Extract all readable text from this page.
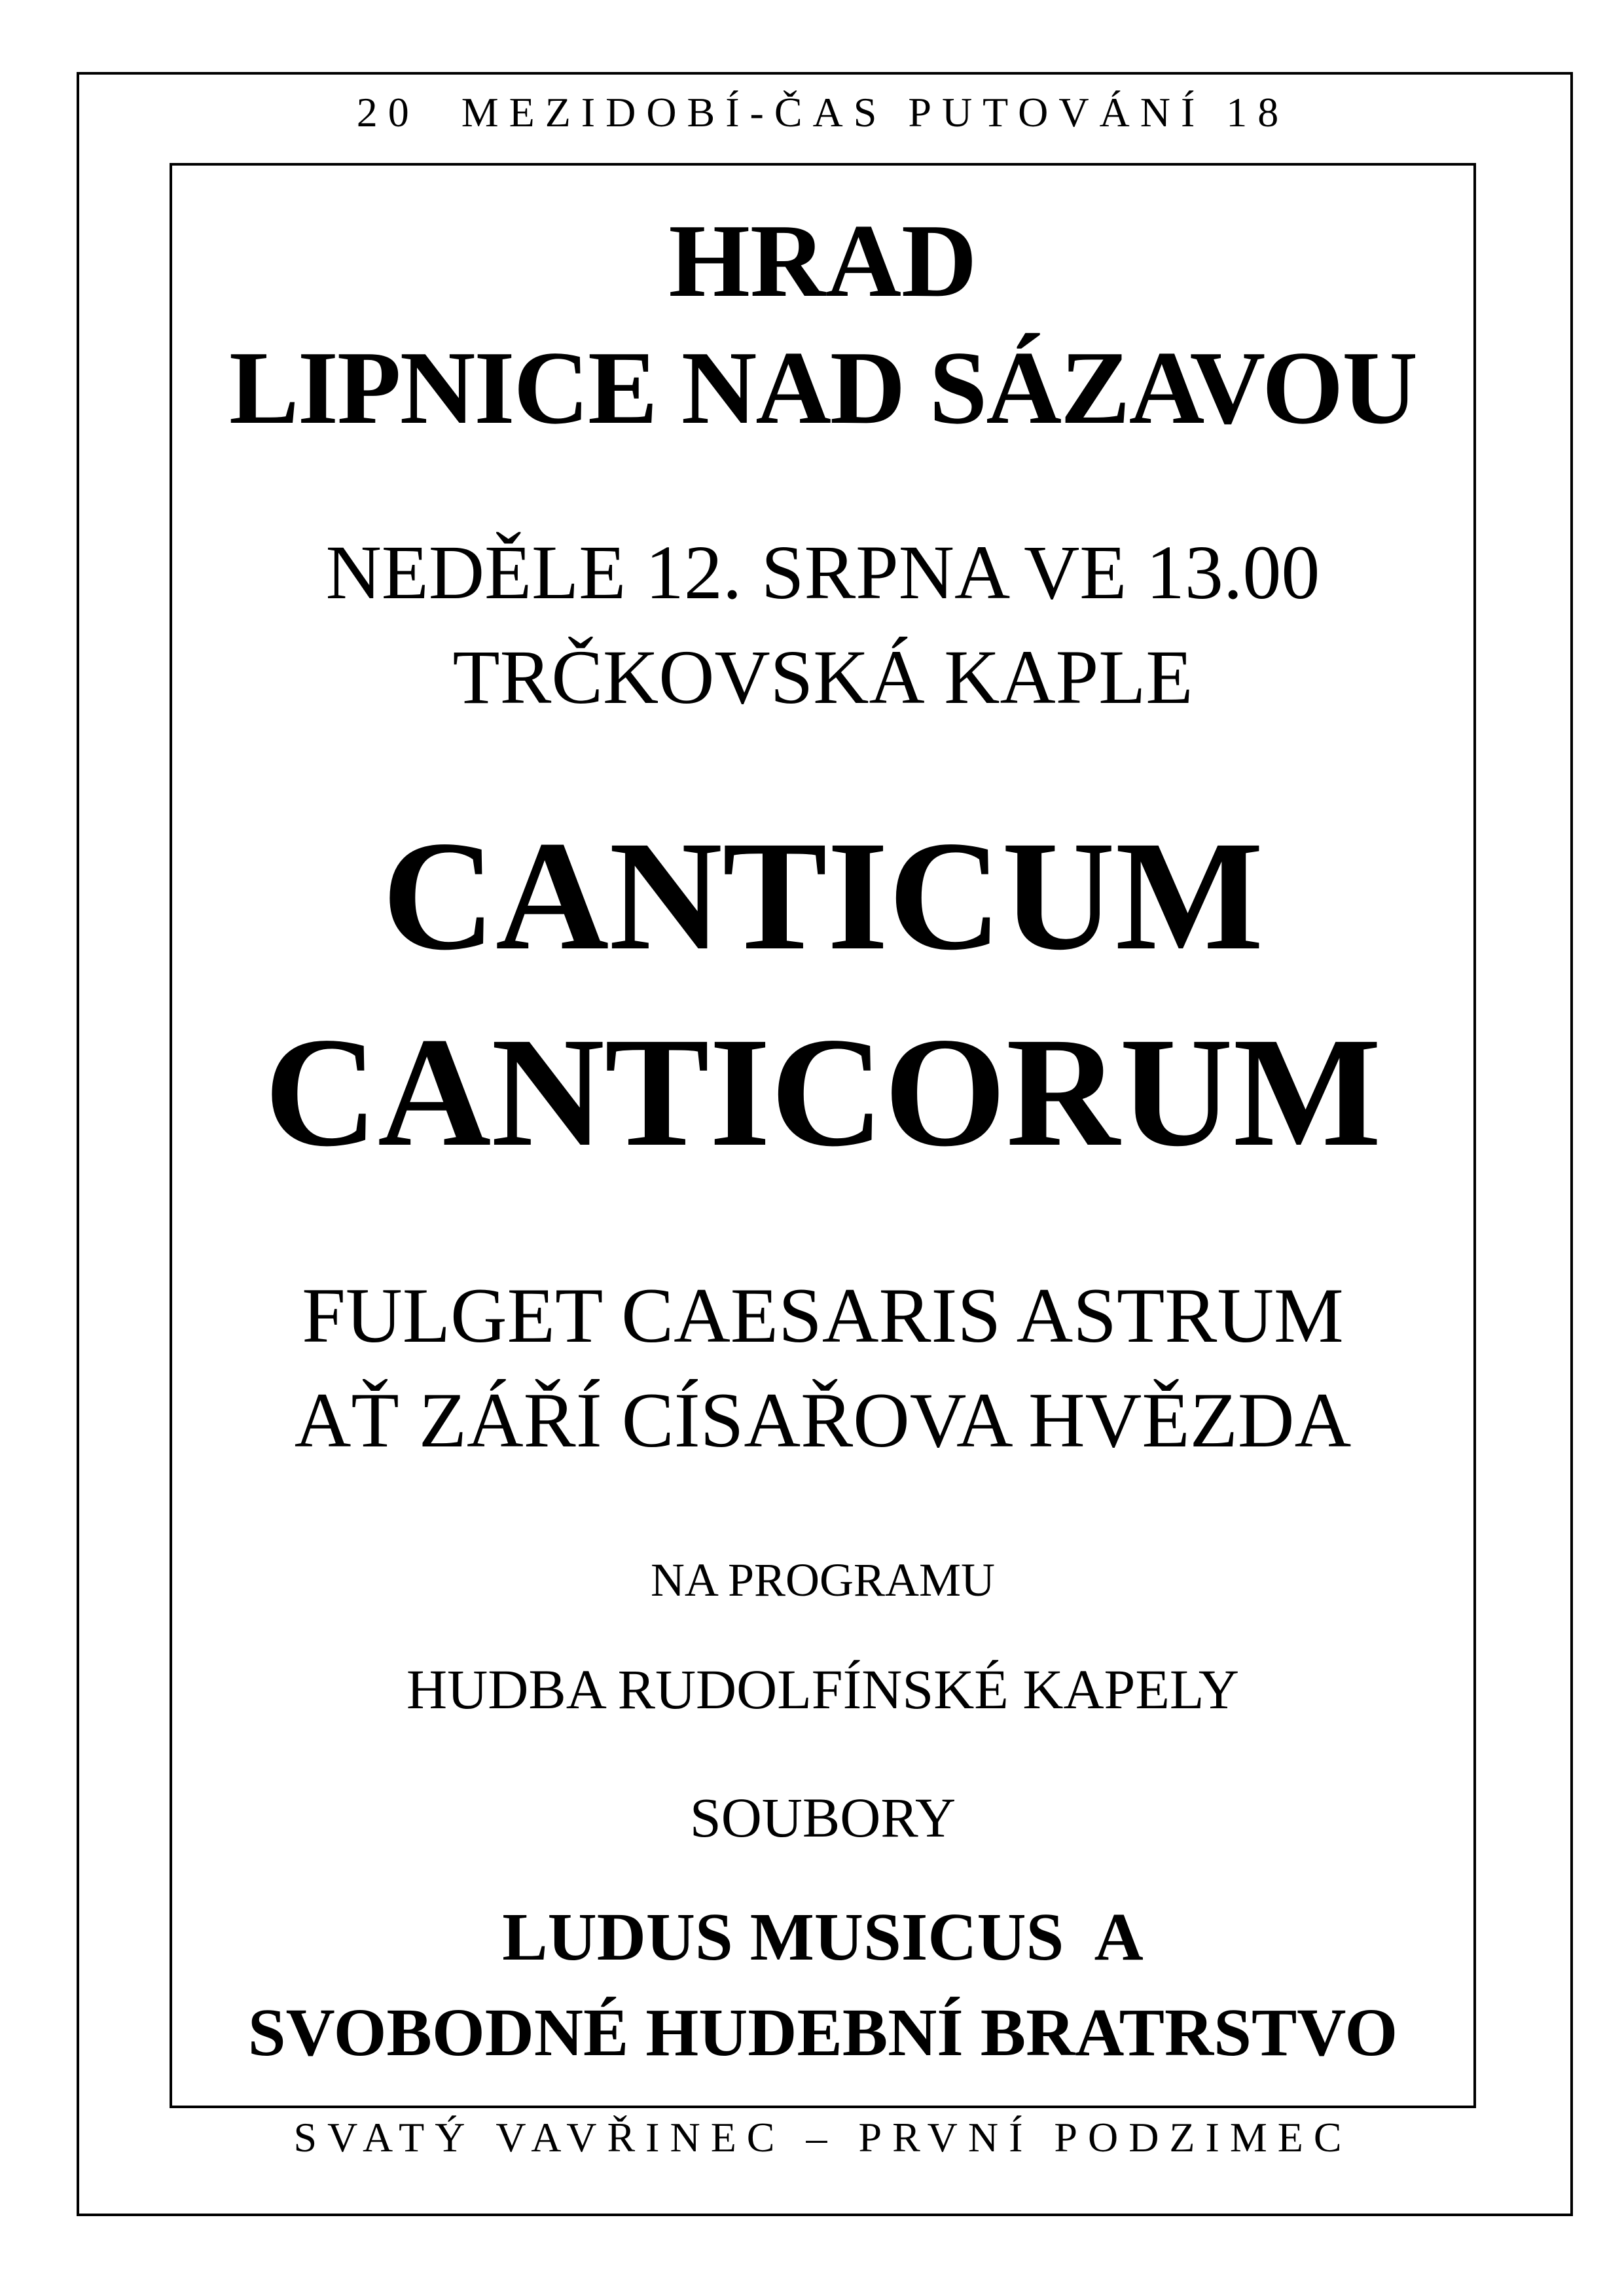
20  MEZIDOBÍ-ČAS PUTOVÁNÍ 18
HRAD
LIPNICE NAD SÁZAVOU
NEDĚLE 12. SRPNA VE 13.00
TRČKOVSKÁ KAPLE
CANTICUM
CANTICORUM
FULGET CAESARIS ASTRUM
AŤ ZÁŘÍ CÍSAŘOVA HVĚZDA
NA PROGRAMU
HUDBA RUDOLFÍNSKÉ KAPELY
SOUBORY
LUDUS MUSICUS  A
SVOBODNÉ HUDEBNÍ BRATRSTVO
SVATÝ VAVŘINEC – PRVNÍ PODZIMEC
